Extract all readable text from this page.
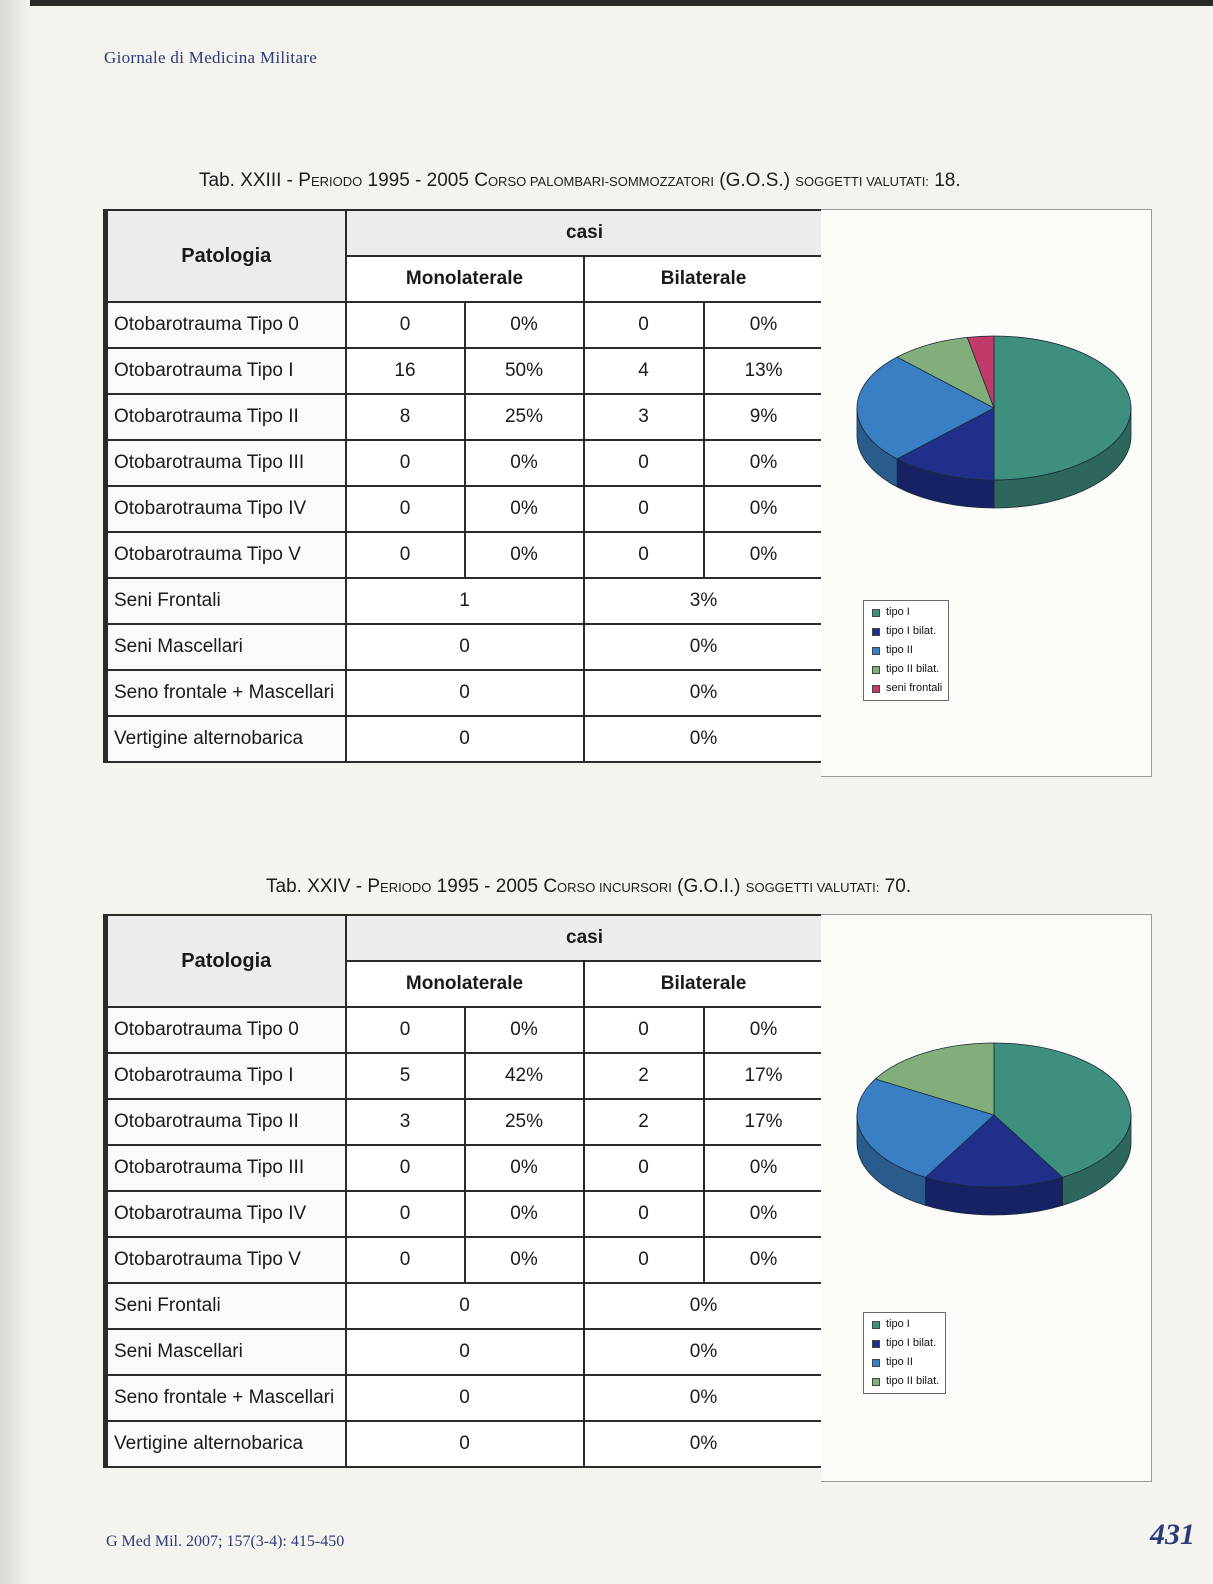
Giornale di Medicina Militare
Tab. XXIII - PERIODO 1995 - 2005 CORSO PALOMBARI-SOMMOZZATORI (G.O.S.) SOGGETTI VALUTATI: 18.
Patologia	casi			
	Monolaterale		Bilaterale	
Otobarotrauma Tipo 0	0	0%	0	0%
Otobarotrauma Tipo I	16	50%	4	13%
Otobarotrauma Tipo II	8	25%	3	9%
Otobarotrauma Tipo III	0	0%	0	0%
Otobarotrauma Tipo IV	0	0%	0	0%
Otobarotrauma Tipo V	0	0%	0	0%
Seni Frontali	1		3%	
Seni Mascellari	0		0%	
Seno frontale + Mascellari	0		0%	
Vertigine alternobarica	0		0%	
tipo I
tipo I bilat.
tipo II
tipo II bilat.
seni frontali
Tab. XXIV - PERIODO 1995 - 2005 CORSO INCURSORI (G.O.I.) SOGGETTI VALUTATI: 70.
Patologia	casi			
	Monolaterale		Bilaterale	
Otobarotrauma Tipo 0	0	0%	0	0%
Otobarotrauma Tipo I	5	42%	2	17%
Otobarotrauma Tipo II	3	25%	2	17%
Otobarotrauma Tipo III	0	0%	0	0%
Otobarotrauma Tipo IV	0	0%	0	0%
Otobarotrauma Tipo V	0	0%	0	0%
Seni Frontali	0		0%	
Seni Mascellari	0		0%	
Seno frontale + Mascellari	0		0%	
Vertigine alternobarica	0		0%	
tipo I
tipo I bilat.
tipo II
tipo II bilat.
G Med Mil. 2007; 157(3-4): 415-450	431
